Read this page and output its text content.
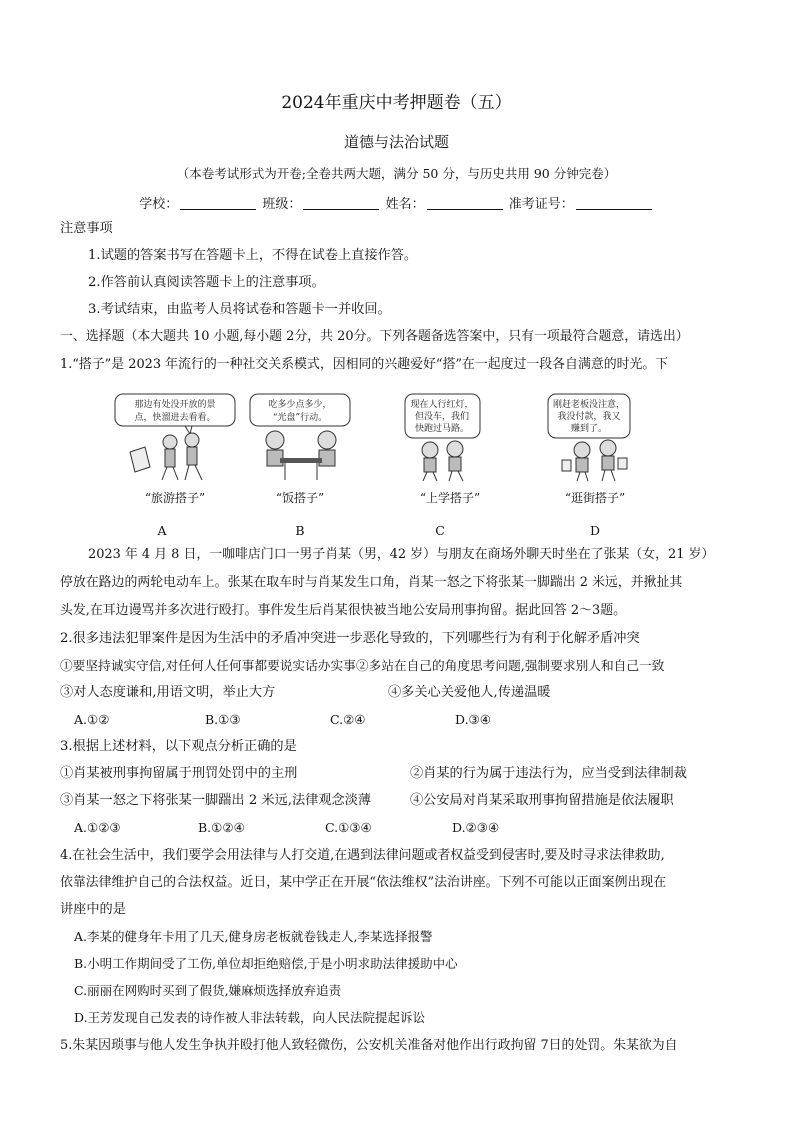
2024年重庆中考押题卷（五）
道德与法治试题
（本卷考试形式为开卷;全卷共两大题，满分 50 分，与历史共用 90 分钟完卷）
学校：	班级：	姓名：	准考证号：
注意事项
1.试题的答案书写在答题卡上，不得在试卷上直接作答。
2.作答前认真阅读答题卡上的注意事项。
3.考试结束，由监考人员将试卷和答题卡一并收回。
一、选择题（本大题共 10 小题,每小题 2分，共 20分。下列各题备选答案中，只有一项最符合题意，请选出）
1.“搭子”是 2023 年流行的一种社交关系模式，因相同的兴趣爱好“搭”在一起度过一段各自满意的时光。下
那边有处没开放的景
点，快溜进去看看。
“旅游搭子”
A
吃多少点多少，
“光盘”行动。
“饭搭子”
B
现在人行红灯，
但没车，我们
快跑过马路。
“上学搭子”
C
刚赶老板没注意，
我没付款，我又
赚到了。
“逛街搭子”
D
2023 年 4 月 8 日，一咖啡店门口一男子肖某（男，42 岁）与朋友在商场外聊天时坐在了张某（女，21 岁）
停放在路边的两轮电动车上。张某在取车时与肖某发生口角，肖某一怒之下将张某一脚踹出 2 米远，并揪扯其
头发,在耳边谩骂并多次进行殴打。事件发生后肖某很快被当地公安局刑事拘留。据此回答 2～3题。
2.很多违法犯罪案件是因为生活中的矛盾冲突进一步恶化导致的，下列哪些行为有利于化解矛盾冲突
①要坚持诚实守信,对任何人任何事都要说实话办实事②多站在自己的角度思考问题,强制要求别人和自己一致
③对人态度谦和,用语文明，举止大方	④多关心关爱他人,传递温暖
A.①②	B.①③	C.②④	D.③④
3.根据上述材料，以下观点分析正确的是
①肖某被刑事拘留属于刑罚处罚中的主刑	②肖某的行为属于违法行为，应当受到法律制裁
③肖某一怒之下将张某一脚踹出 2 米远,法律观念淡薄	④公安局对肖某采取刑事拘留措施是依法履职
A.①②③	B.①②④	C.①③④	D.②③④
4.在社会生活中，我们要学会用法律与人打交道,在遇到法律问题或者权益受到侵害时,要及时寻求法律救助,
依靠法律维护自己的合法权益。近日，某中学正在开展“依法维权”法治讲座。下列不可能以正面案例出现在
讲座中的是
A.李某的健身年卡用了几天,健身房老板就卷钱走人,李某选择报警
B.小明工作期间受了工伤,单位却拒绝赔偿,于是小明求助法律援助中心
C.丽丽在网购时买到了假货,嫌麻烦选择放弃追责
D.王芳发现自己发表的诗作被人非法转载，向人民法院提起诉讼
5.朱某因琐事与他人发生争执并殴打他人致轻微伤，公安机关准备对他作出行政拘留 7日的处罚。朱某欲为自
